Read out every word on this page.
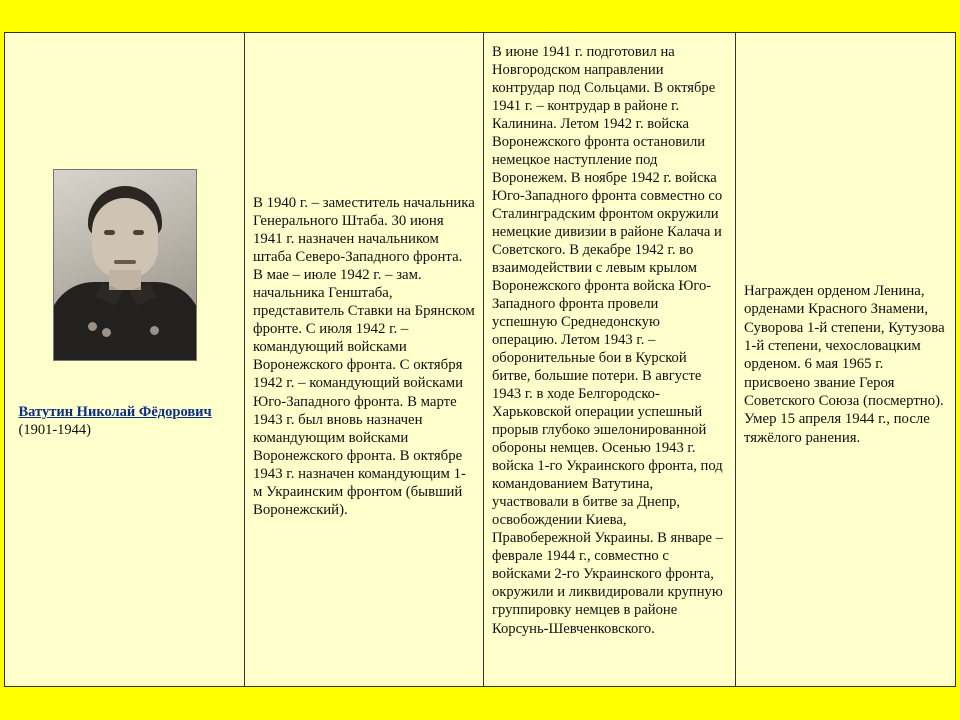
Ватутин Николай Фёдорович (1901-1944)
В 1940 г. – заместитель начальника Генерального Штаба. 30 июня 1941 г. назначен начальником штаба Северо-Западного фронта. В мае – июле 1942 г. – зам. начальника Генштаба, представитель Ставки на Брянском фронте. С июля 1942 г. – командующий войсками Воронежского фронта. С октября 1942 г. – командующий войсками Юго-Западного фронта. В марте 1943 г. был вновь назначен командующим войсками Воронежского фронта. В октябре 1943 г. назначен командующим 1-м Украинским фронтом (бывший Воронежский).
В июне 1941 г. подготовил на Новгородском направлении контрудар под Сольцами. В октябре 1941 г. – контрудар в районе г. Калинина. Летом 1942 г. войска Воронежского фронта остановили немецкое наступление под Воронежем. В ноябре 1942 г. войска Юго-Западного фронта совместно со Сталинградским фронтом окружили немецкие дивизии в районе Калача и Советского. В декабре 1942 г. во взаимодействии с левым крылом Воронежского фронта войска Юго-Западного фронта провели успешную Среднедонскую операцию. Летом 1943 г. – оборонительные бои в Курской битве, большие потери. В августе 1943 г. в ходе Белгородско-Харьковской операции успешный прорыв глубоко эшелонированной обороны немцев. Осенью 1943 г. войска 1-го Украинского фронта, под командованием Ватутина, участвовали в битве за Днепр, освобождении Киева, Правобережной Украины. В январе – феврале 1944 г., совместно с войсками 2-го Украинского фронта, окружили и ликвидировали крупную группировку немцев в районе Корсунь-Шевченковского.
Награжден орденом Ленина, орденами Красного Знамени, Суворова 1-й степени, Кутузова 1-й степени, чехословацким орденом. 6 мая 1965 г. присвоено звание Героя Советского Союза (посмертно). Умер 15 апреля 1944 г., после тяжёлого ранения.
